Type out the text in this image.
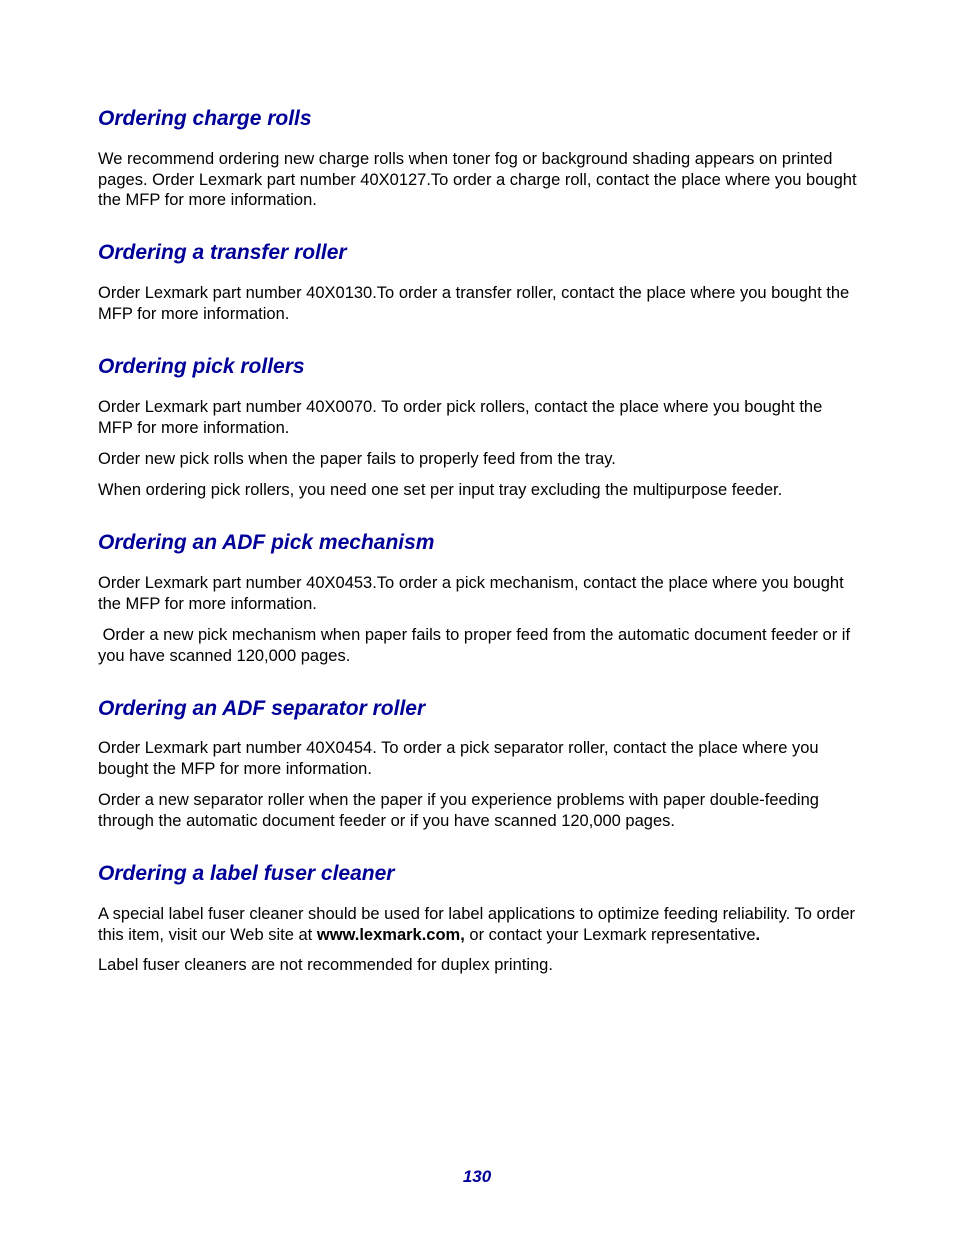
Ordering charge rolls

We recommend ordering new charge rolls when toner fog or background shading appears on printed pages. Order Lexmark part number 40X0127.To order a charge roll, contact the place where you bought the MFP for more information.

Ordering a transfer roller

Order Lexmark part number 40X0130.To order a transfer roller, contact the place where you bought the MFP for more information.

Ordering pick rollers

Order Lexmark part number 40X0070. To order pick rollers, contact the place where you bought the MFP for more information.

Order new pick rolls when the paper fails to properly feed from the tray.

When ordering pick rollers, you need one set per input tray excluding the multipurpose feeder.

Ordering an ADF pick mechanism

Order Lexmark part number 40X0453.To order a pick mechanism, contact the place where you bought the MFP for more information.

Order a new pick mechanism when paper fails to proper feed from the automatic document feeder or if you have scanned 120,000 pages.

Ordering an ADF separator roller

Order Lexmark part number 40X0454. To order a pick separator roller, contact the place where you bought the MFP for more information.

Order a new separator roller when the paper if you experience problems with paper double-feeding through the automatic document feeder or if you have scanned 120,000 pages.

Ordering a label fuser cleaner

A special label fuser cleaner should be used for label applications to optimize feeding reliability. To order this item, visit our Web site at www.lexmark.com, or contact your Lexmark representative.

Label fuser cleaners are not recommended for duplex printing.

130
